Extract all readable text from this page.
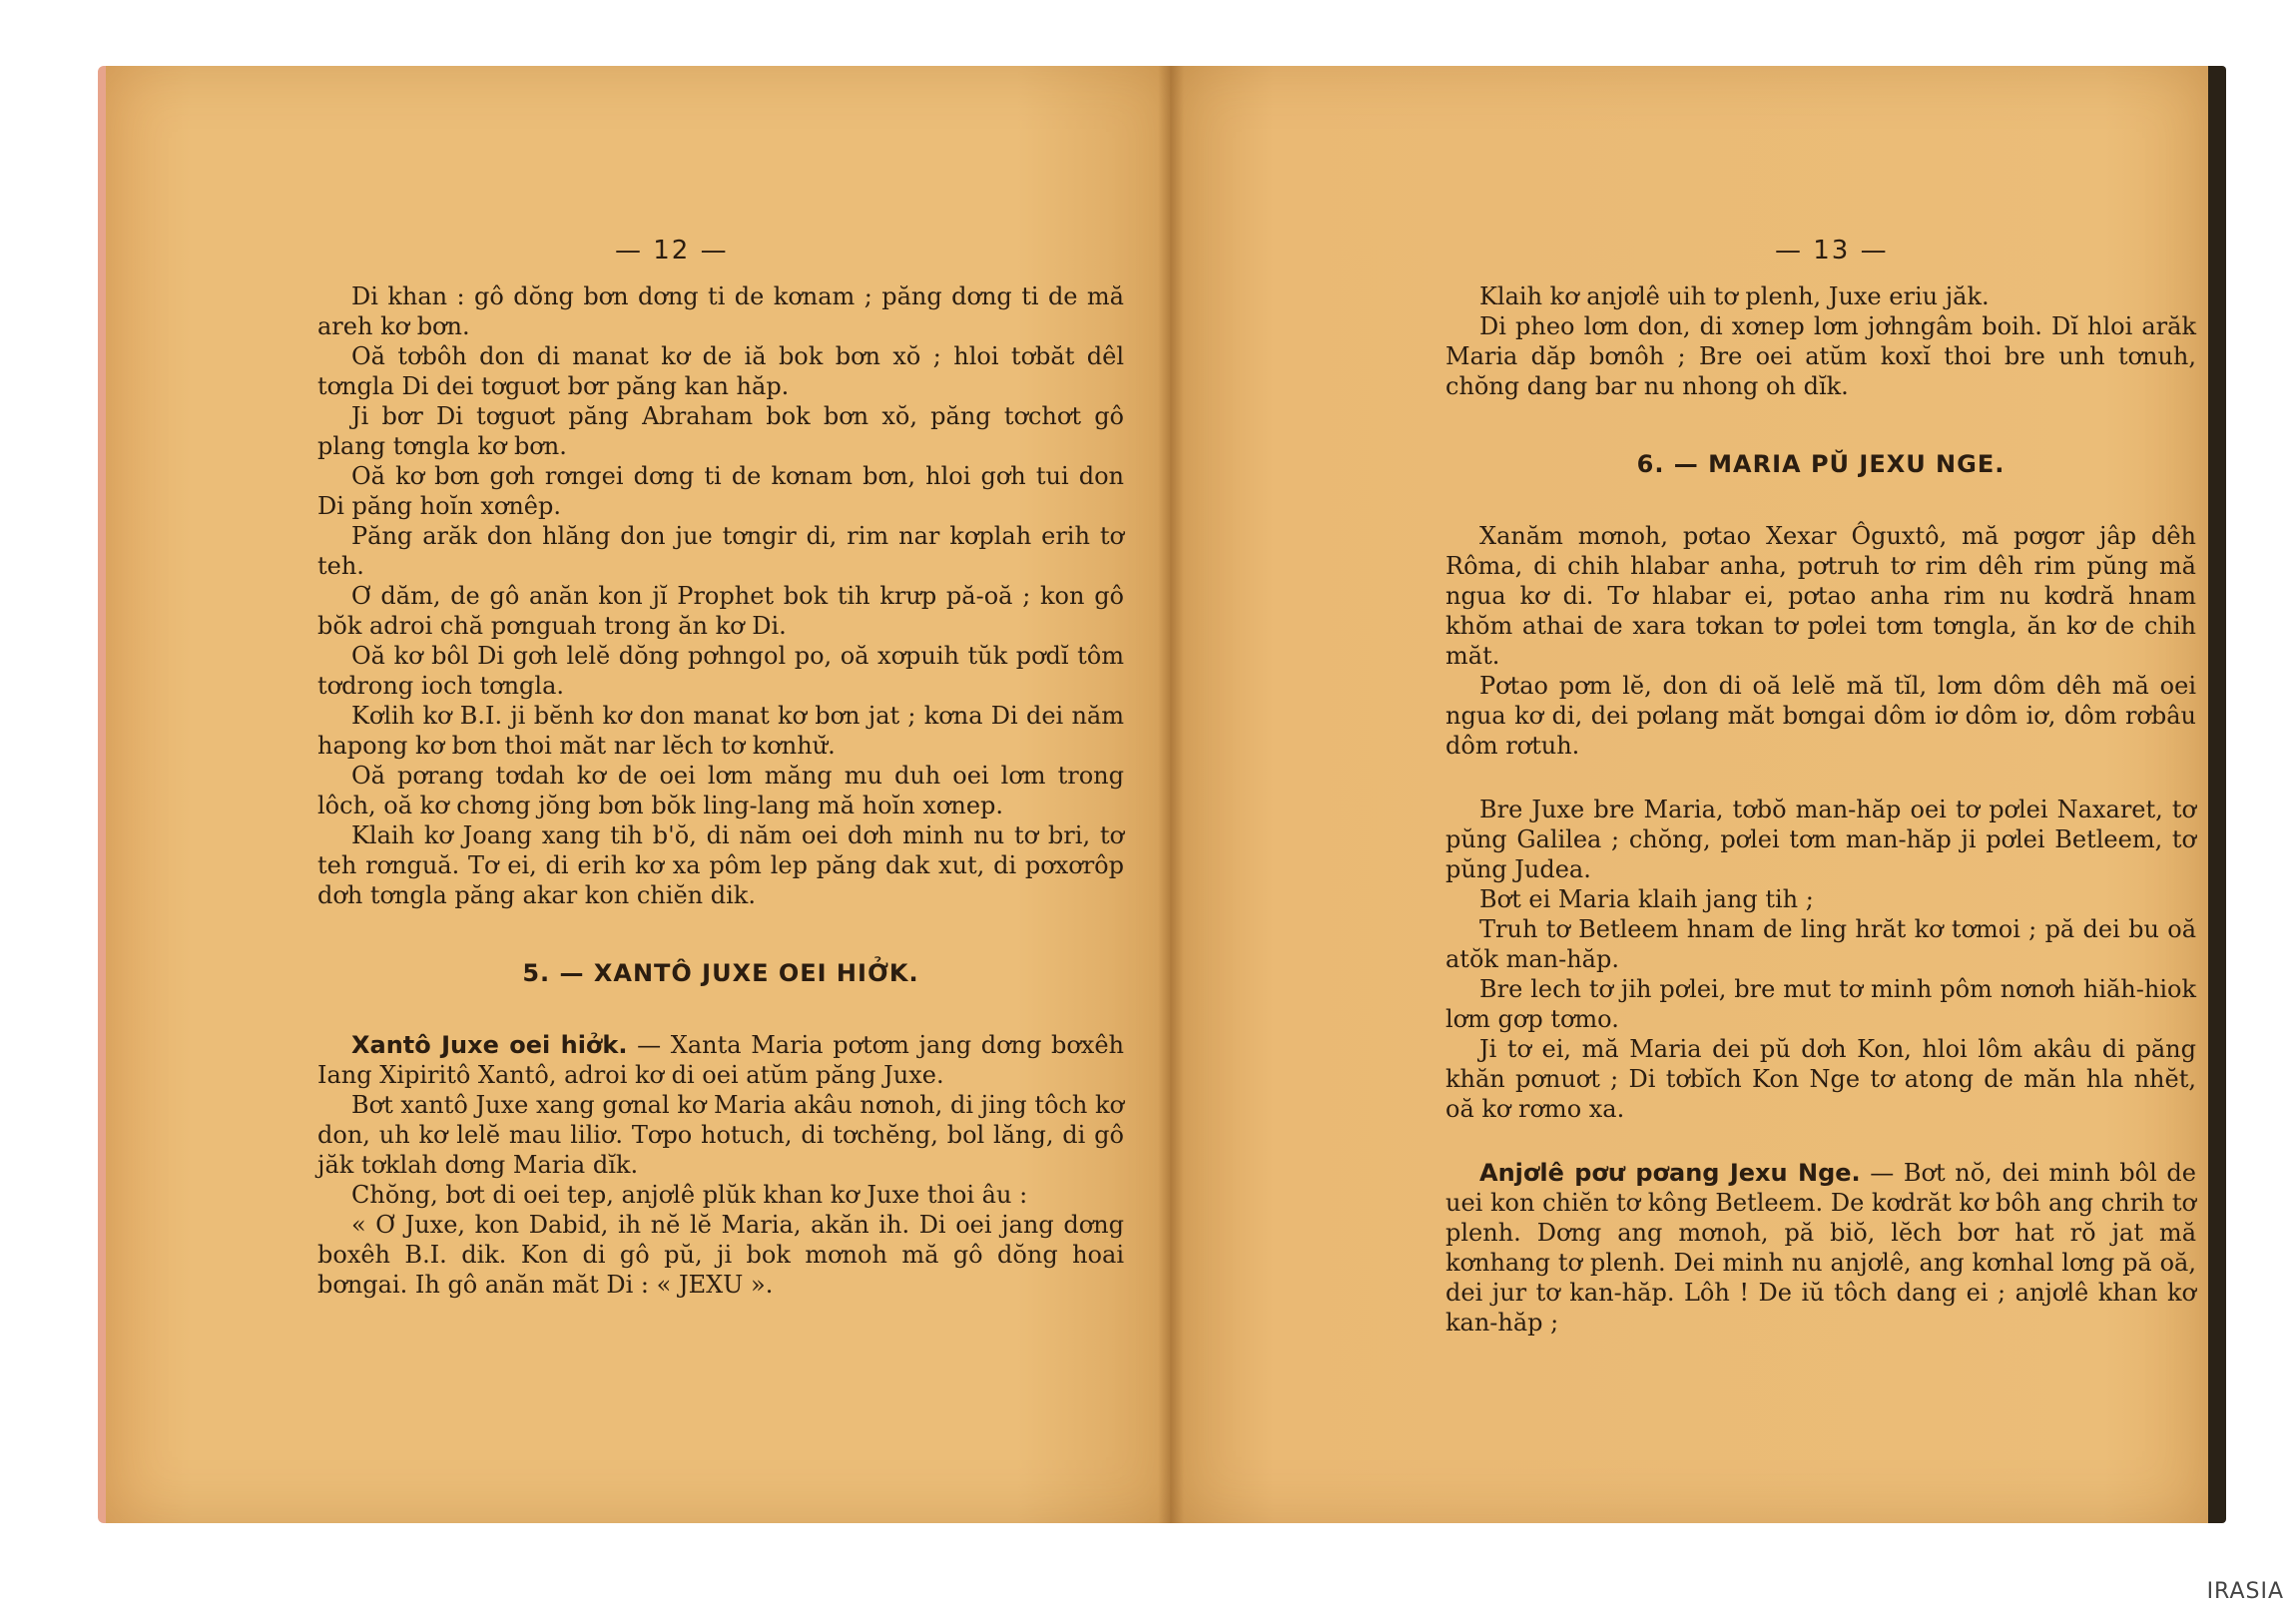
— 12 —

Di khan : gô dŏng bơn dơng ti de kơnam ; păng dơng ti de mă areh kơ bơn.

Oă tơbôh don di manat kơ de iă bok bơn xŏ ; hloi tơbăt dêl tơngla Di dei tơguơt bơr păng kan hăp.

Ji bơr Di tơguơt păng Abraham bok bơn xŏ, păng tơchơt gô plang tơngla kơ bơn.

Oă kơ bơn gơh rơngei dơng ti de kơnam bơn, hloi gơh tui don Di păng hoĭn xơnêp.

Păng arăk don hlăng don jue tơngir di, rim nar kơplah erih tơ teh.

Ơ dăm, de gô anăn kon jĭ Prophet bok tih krưp pă-oă ; kon gô bŏk adroi chă pơnguah trong ăn kơ Di.

Oă kơ bôl Di gơh lelĕ dŏng pơhngol po, oă xơpuih tŭk pơdĭ tôm tơdrong ioch tơngla.

Kơlih kơ B.I. ji bĕnh kơ don manat kơ bơn jat ; kơna Di dei năm hapong kơ bơn thoi măt nar lĕch tơ kơnhư̆.

Oă pơrang tơdah kơ de oei lơm măng mu duh oei lơm trong lôch, oă kơ chơng jŏng bơn bŏk ling-lang mă hoĭn xơnep.

Klaih kơ Joang xang tih b'ŏ, di năm oei dơh minh nu tơ bri, tơ teh rơnguă. Tơ ei, di erih kơ xa pôm lep păng dak xut, di pơxơrôp dơh tơngla păng akar kon chiĕn dik.

5. — XANTÔ JUXE OEI HIỞK.

Xantô Juxe oei hiởk. — Xanta Maria pơtơm jang dơng bơxêh Iang Xipiritô Xantô, adroi kơ di oei atŭm păng Juxe.

Bơt xantô Juxe xang gơnal kơ Maria akâu nơnoh, di jing tôch kơ don, uh kơ lelĕ mau liliơ. Tơpo hotuch, di tơchĕng, bol lăng, di gô jăk tơklah dơng Maria dĭk.

Chŏng, bơt di oei tep, anjơlê plŭk khan kơ Juxe thoi âu :

« Ơ Juxe, kon Dabid, ih nĕ lĕ Maria, akăn ih. Di oei jang dơng boxêh B.I. dik. Kon di gô pŭ, ji bok mơnoh mă gô dŏng hoai bơngai. Ih gô anăn măt Di : « JEXU ».

— 13 —

Klaih kơ anjơlê uih tơ plenh, Juxe eriu jăk.

Di pheo lơm don, di xơnep lơm jơhngâm boih. Dĭ hloi arăk Maria dăp bơnôh ; Bre oei atŭm koxĭ thoi bre unh tơnuh, chŏng dang bar nu nhong oh dĭk.

6. — MARIA PŬ JEXU NGE.

Xanăm mơnoh, pơtao Xexar Ôguxtô, mă pơgơr jâp dêh Rôma, di chih hlabar anha, pơtruh tơ rim dêh rim pŭng mă ngua kơ di. Tơ hlabar ei, pơtao anha rim nu kơdră hnam khŏm athai de xara tơkan tơ pơlei tơm tơngla, ăn kơ de chih măt.

Pơtao pơm lĕ, don di oă lelĕ mă tĭl, lơm dôm dêh mă oei ngua kơ di, dei pơlang măt bơngai dôm iơ dôm iơ, dôm rơbâu dôm rơtuh.

Bre Juxe bre Maria, tơbŏ man-hăp oei tơ pơlei Naxaret, tơ pŭng Galilea ; chŏng, pơlei tơm man-hăp ji pơlei Betleem, tơ pŭng Judea.

Bơt ei Maria klaih jang tih ;

Truh tơ Betleem hnam de ling hrăt kơ tơmoi ; pă dei bu oă atŏk man-hăp.

Bre lech tơ jih pơlei, bre mut tơ minh pôm nơnơh hiăh-hiok lơm gơp tơmo.

Ji tơ ei, mă Maria dei pŭ dơh Kon, hloi lôm akâu di păng khăn pơnuơt ; Di tơbĭch Kon Nge tơ atong de măn hla nhĕt, oă kơ rơmo xa.

Anjơlê pơư pơang Jexu Nge. — Bơt nŏ, dei minh bôl de uei kon chiĕn tơ kông Betleem. De kơdrăt kơ bôh ang chrih tơ plenh. Dơng ang mơnoh, pă biŏ, lĕch bơr hat rŏ jat mă kơnhang tơ plenh. Dei minh nu anjơlê, ang kơnhal lơng pă oă, dei jur tơ kan-hăp. Lôh ! De iŭ tôch dang ei ; anjơlê khan kơ kan-hăp ;

IRASIA
